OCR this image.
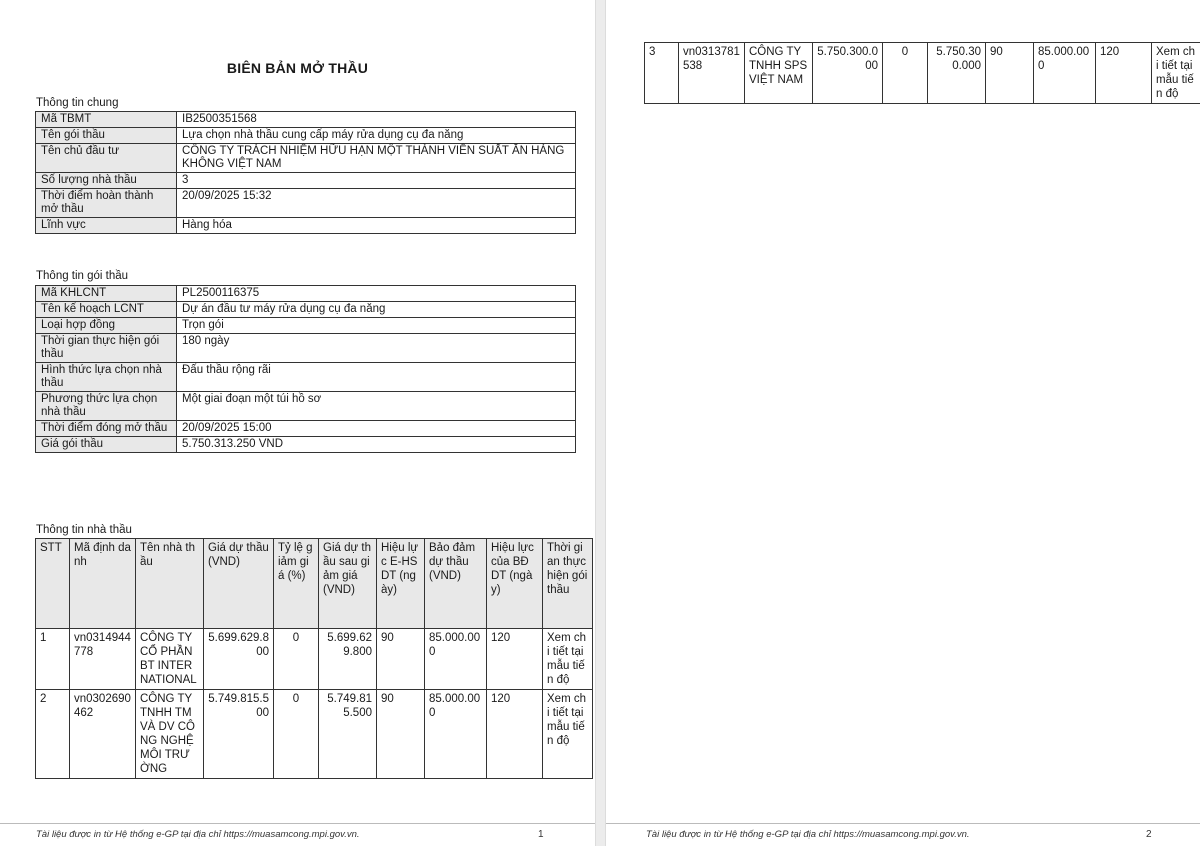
BIÊN BẢN MỞ THẦU
Thông tin chung
Mã TBMT	IB2500351568
Tên gói thầu	Lựa chọn nhà thầu cung cấp máy rửa dụng cụ đa năng
Tên chủ đầu tư	CÔNG TY TRÁCH NHIỆM HỮU HẠN MỘT THÀNH VIÊN SUẤT ĂN HÀNG KHÔNG VIỆT NAM
Số lượng nhà thầu	3
Thời điểm hoàn thành mở thầu	20/09/2025 15:32
Lĩnh vực	Hàng hóa
Thông tin gói thầu
Mã KHLCNT	PL2500116375
Tên kế hoạch LCNT	Dự án đầu tư máy rửa dụng cụ đa năng
Loại hợp đồng	Trọn gói
Thời gian thực hiện gói thầu	180 ngày
Hình thức lựa chọn nhà thầu	Đấu thầu rộng rãi
Phương thức lựa chọn nhà thầu	Một giai đoạn một túi hồ sơ
Thời điểm đóng mở thầu	20/09/2025 15:00
Giá gói thầu	5.750.313.250 VND
Thông tin nhà thầu
STT	Mã định danh	Tên nhà thầu	Giá dự thầu (VND)	Tỷ lệ giảm giá (%)	Giá dự thầu sau giảm giá (VND)	Hiệu lực E-HSDT (ngày)	Bảo đảm dự thầu (VND)	Hiệu lực của BĐ DT (ngày)	Thời gian thực hiện gói thầu
1	vn0314944778	CÔNG TY CỔ PHẦN BT INTERNATIONAL	5.699.629.800	0	5.699.629.800	90	85.000.000	120	Xem chi tiết tại mẫu tiến độ
2	vn0302690462	CÔNG TY TNHH TM VÀ DV CÔNG NGHỆ MÔI TRƯỜNG	5.749.815.500	0	5.749.815.500	90	85.000.000	120	Xem chi tiết tại mẫu tiến độ
Tài liệu được in từ Hệ thống e-GP tại địa chỉ https://muasamcong.mpi.gov.vn.	1
3	vn0313781538	CÔNG TY TNHH SPS VIỆT NAM	5.750.300.000	0	5.750.300.000	90	85.000.000	120	Xem chi tiết tại mẫu tiến độ
Tài liệu được in từ Hệ thống e-GP tại địa chỉ https://muasamcong.mpi.gov.vn.	2
